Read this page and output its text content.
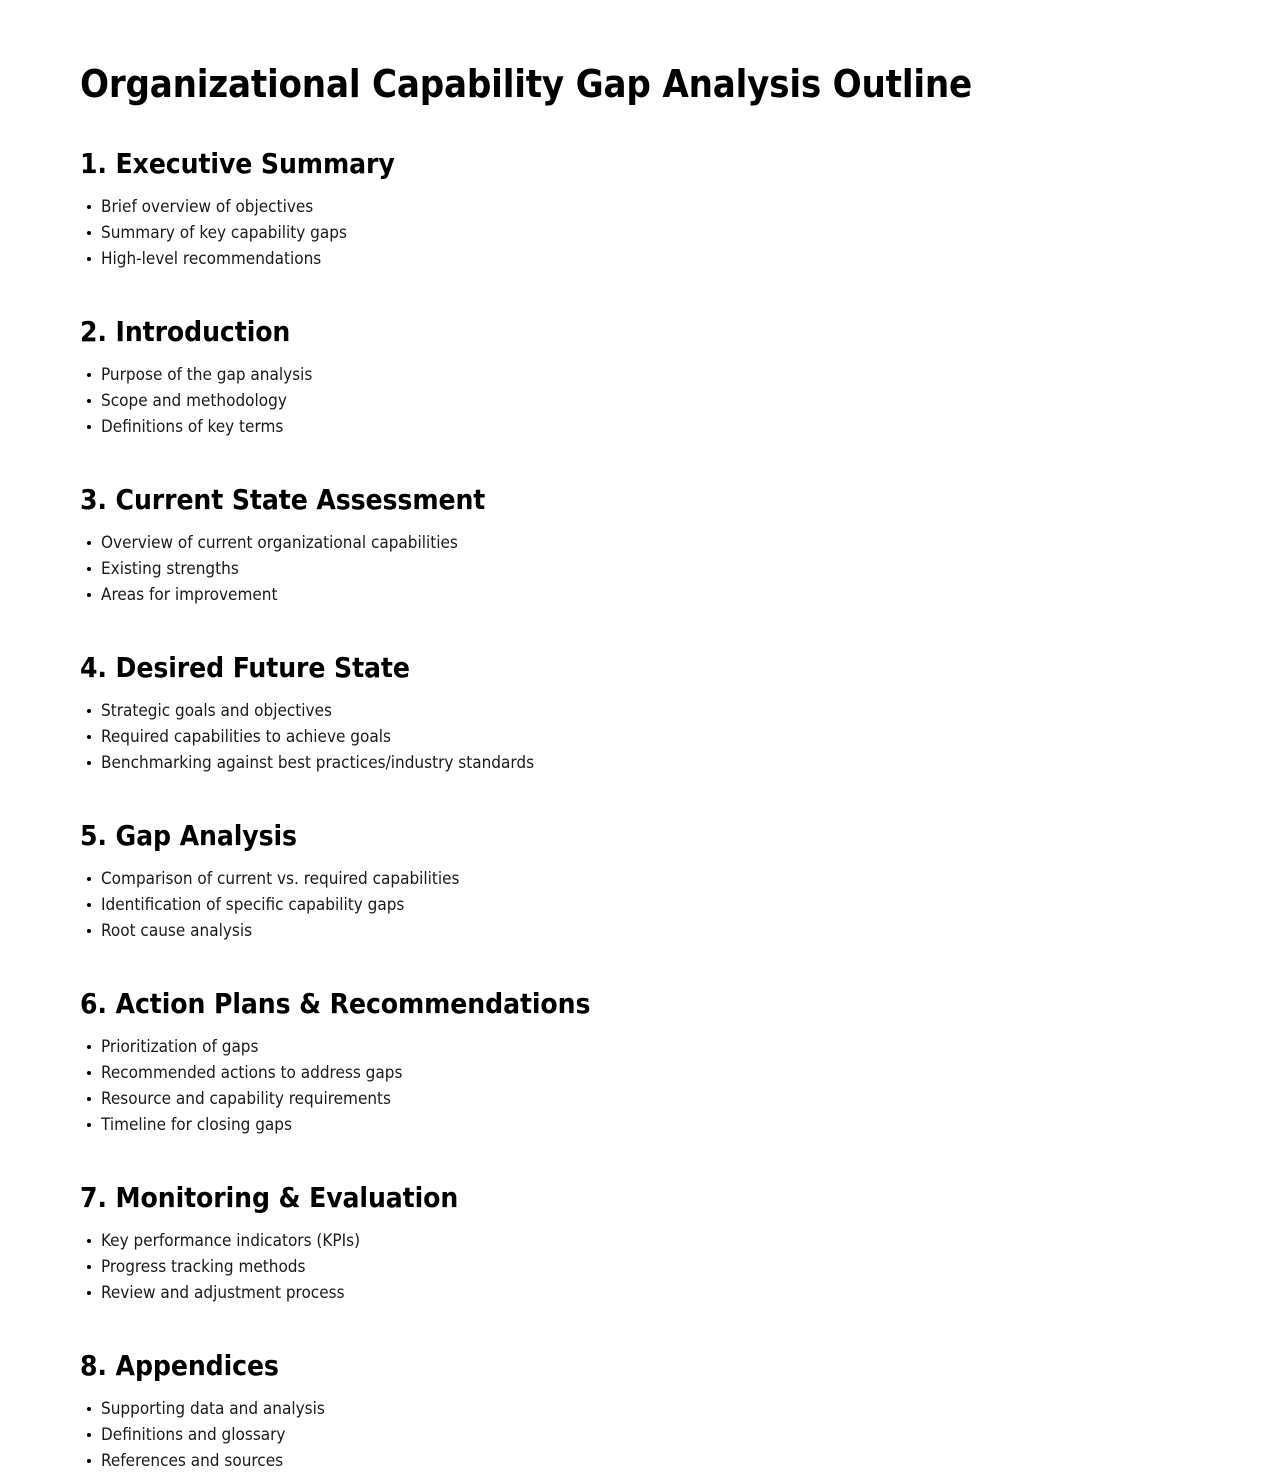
Organizational Capability Gap Analysis Outline
1. Executive Summary
Brief overview of objectives
Summary of key capability gaps
High-level recommendations
2. Introduction
Purpose of the gap analysis
Scope and methodology
Definitions of key terms
3. Current State Assessment
Overview of current organizational capabilities
Existing strengths
Areas for improvement
4. Desired Future State
Strategic goals and objectives
Required capabilities to achieve goals
Benchmarking against best practices/industry standards
5. Gap Analysis
Comparison of current vs. required capabilities
Identification of specific capability gaps
Root cause analysis
6. Action Plans & Recommendations
Prioritization of gaps
Recommended actions to address gaps
Resource and capability requirements
Timeline for closing gaps
7. Monitoring & Evaluation
Key performance indicators (KPIs)
Progress tracking methods
Review and adjustment process
8. Appendices
Supporting data and analysis
Definitions and glossary
References and sources
